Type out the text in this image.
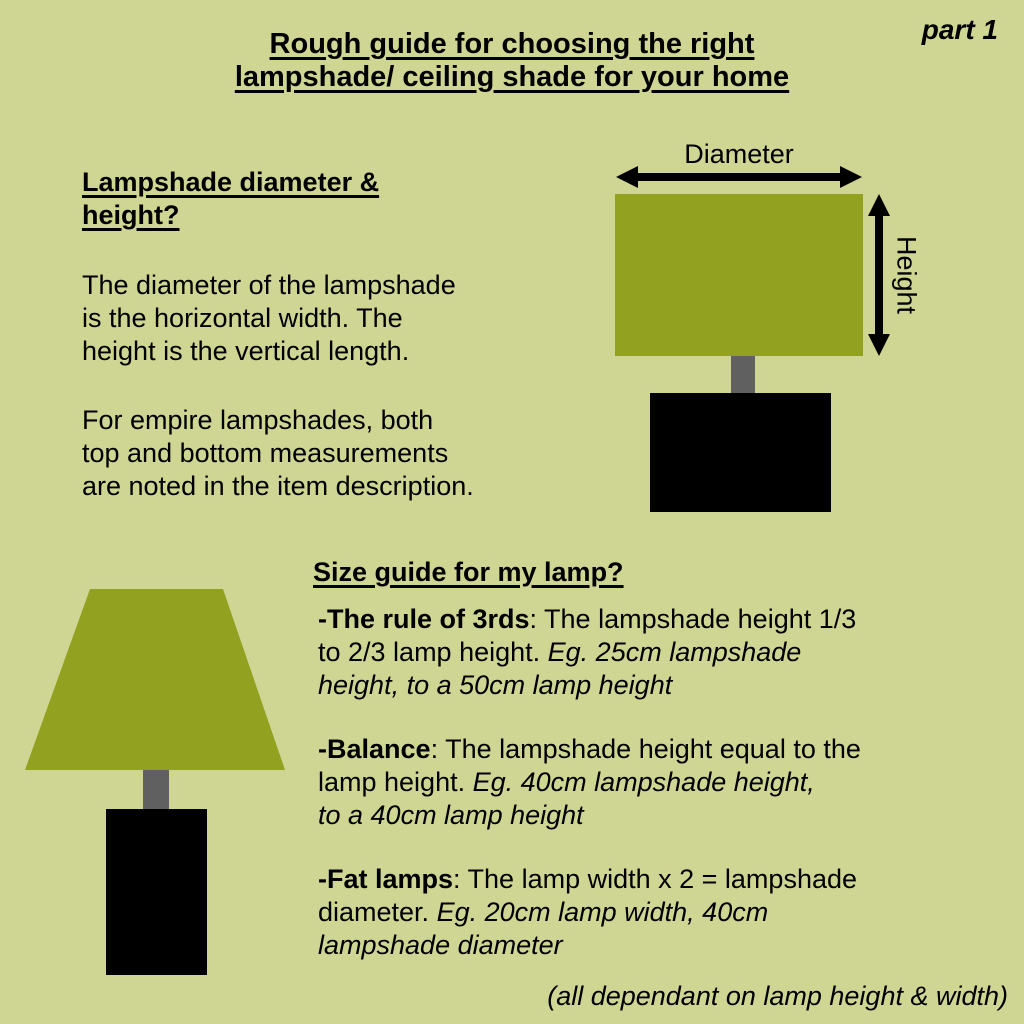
part 1
Rough guide for choosing the right
lampshade/ ceiling shade for your home
Lampshade diameter &
height?
The diameter of the lampshade
is the horizontal width. The
height is the vertical length.
For empire lampshades, both
top and bottom measurements
are noted in the item description.
Diameter
Height
Size guide for my lamp?
-The rule of 3rds: The lampshade height 1/3
to 2/3 lamp height. Eg. 25cm lampshade
height, to a 50cm lamp height
-Balance: The lampshade height equal to the
lamp height. Eg. 40cm lampshade height,
to a 40cm lamp height
-Fat lamps: The lamp width x 2 = lampshade
diameter. Eg. 20cm lamp width, 40cm
lampshade diameter
(all dependant on lamp height & width)
